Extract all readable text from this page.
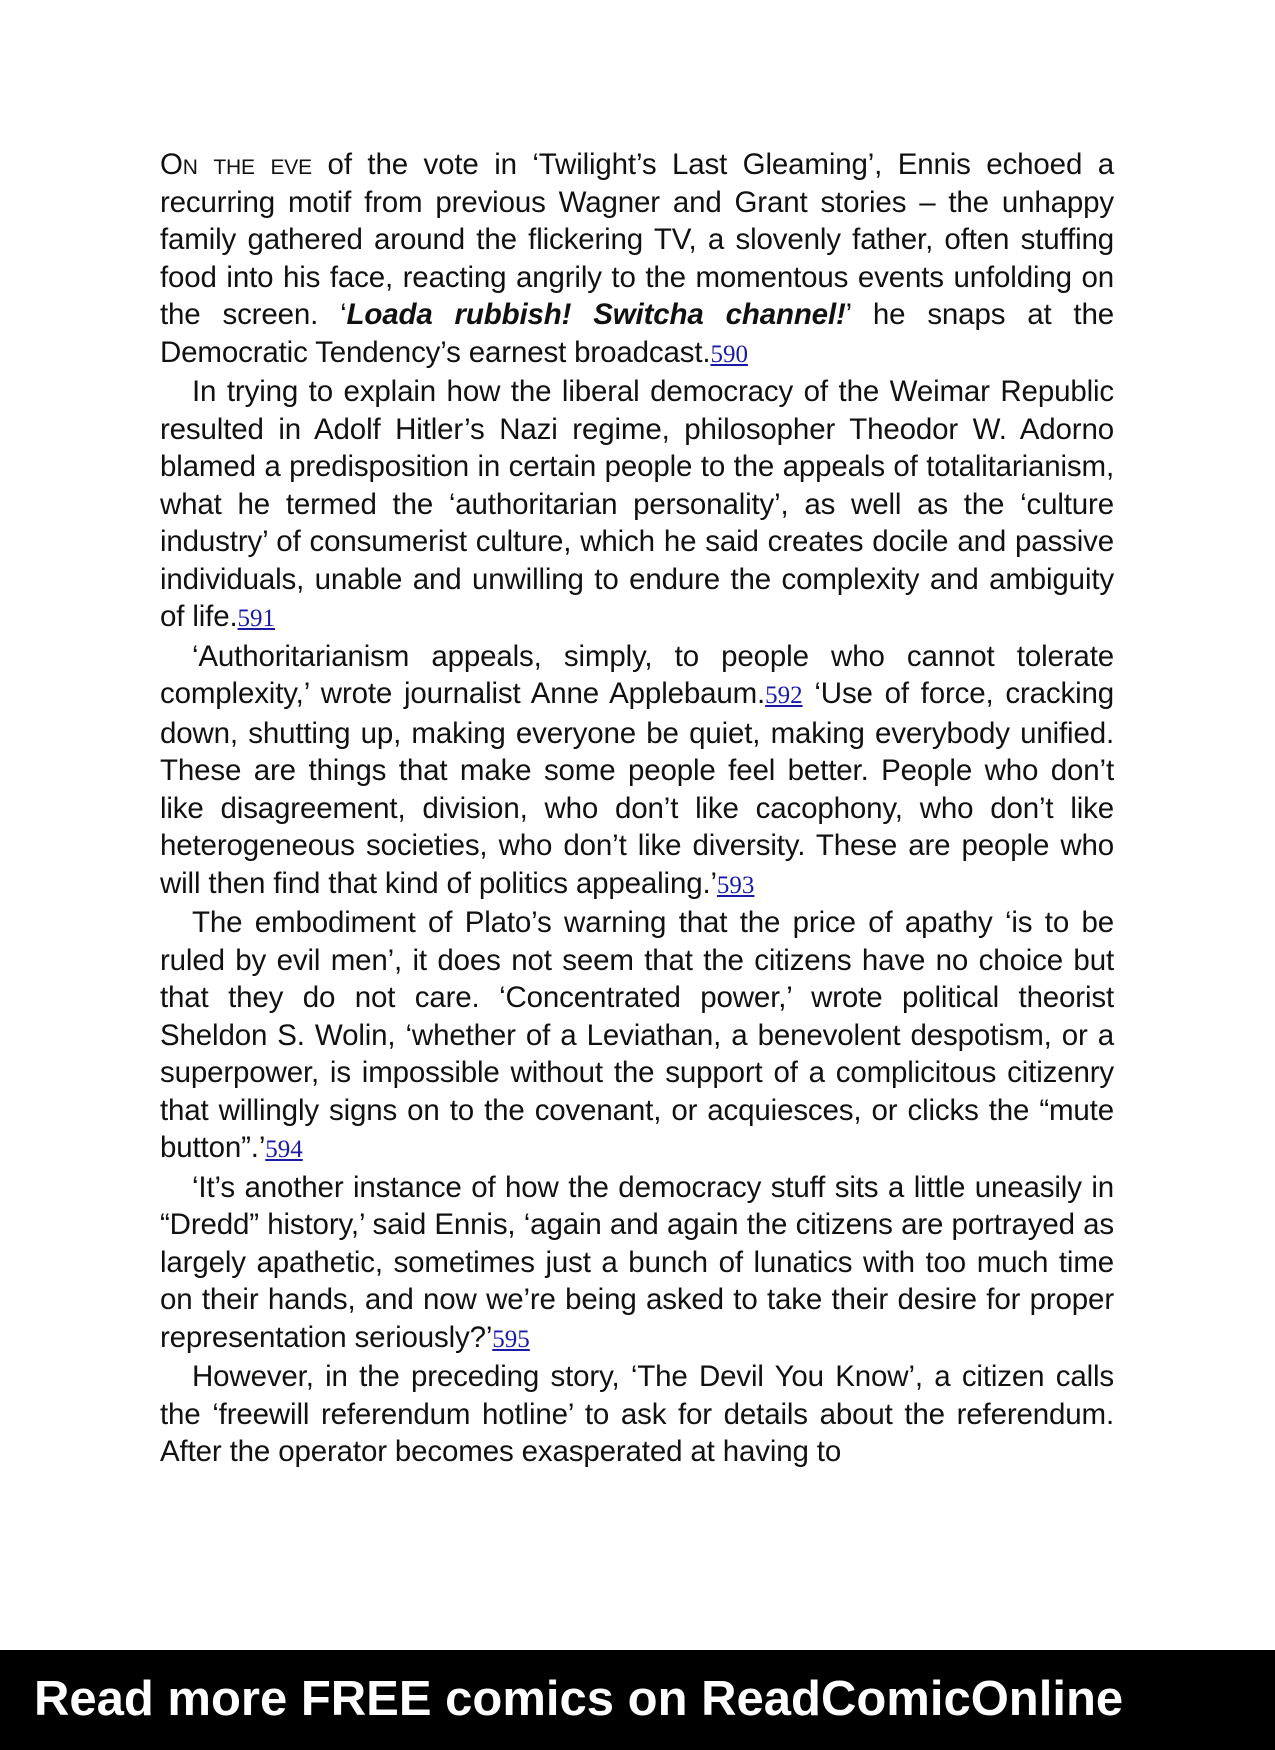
On the eve of the vote in ‘Twilight’s Last Gleaming’, Ennis echoed a recurring motif from previous Wagner and Grant stories – the unhappy family gathered around the flickering TV, a slovenly father, often stuffing food into his face, reacting angrily to the momentous events unfolding on the screen. ‘Loada rubbish! Switcha channel!’ he snaps at the Democratic Tendency’s earnest broadcast.590

In trying to explain how the liberal democracy of the Weimar Republic resulted in Adolf Hitler’s Nazi regime, philosopher Theodor W. Adorno blamed a predisposition in certain people to the appeals of totalitarianism, what he termed the ‘authoritarian personality’, as well as the ‘culture industry’ of consumerist culture, which he said creates docile and passive individuals, unable and unwilling to endure the complexity and ambiguity of life.591

‘Authoritarianism appeals, simply, to people who cannot tolerate complexity,’ wrote journalist Anne Applebaum.592 ‘Use of force, cracking down, shutting up, making everyone be quiet, making everybody unified. These are things that make some people feel better. People who don’t like disagreement, division, who don’t like cacophony, who don’t like heterogeneous societies, who don’t like diversity. These are people who will then find that kind of politics appealing.’593

The embodiment of Plato’s warning that the price of apathy ‘is to be ruled by evil men’, it does not seem that the citizens have no choice but that they do not care. ‘Concentrated power,’ wrote political theorist Sheldon S. Wolin, ‘whether of a Leviathan, a benevolent despotism, or a superpower, is impossible without the support of a complicitous citizenry that willingly signs on to the covenant, or acquiesces, or clicks the “mute button”.’594

‘It’s another instance of how the democracy stuff sits a little uneasily in “Dredd” history,’ said Ennis, ‘again and again the citizens are portrayed as largely apathetic, sometimes just a bunch of lunatics with too much time on their hands, and now we’re being asked to take their desire for proper representation seriously?’595

However, in the preceding story, ‘The Devil You Know’, a citizen calls the ‘freewill referendum hotline’ to ask for details about the referendum. After the operator becomes exasperated at having to

Read more FREE comics on ReadComicOnline
